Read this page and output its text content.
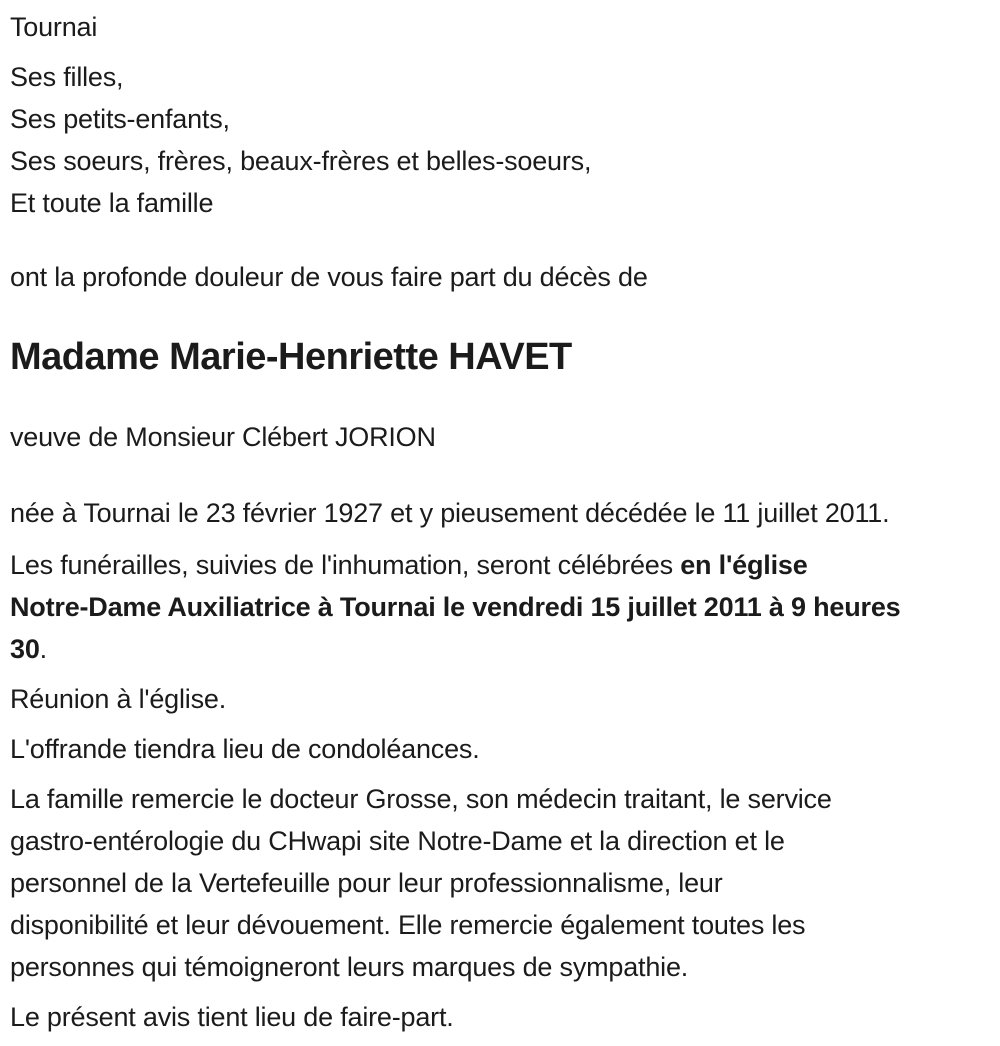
Tournai

Ses filles,
Ses petits-enfants,
Ses soeurs, frères, beaux-frères et belles-soeurs,
Et toute la famille

ont la profonde douleur de vous faire part du décès de

Madame Marie-Henriette HAVET

veuve de Monsieur Clébert JORION

née à Tournai le 23 février 1927 et y pieusement décédée le 11 juillet 2011.

Les funérailles, suivies de l'inhumation, seront célébrées en l'église
Notre-Dame Auxiliatrice à Tournai le vendredi 15 juillet 2011 à 9 heures
30.

Réunion à l'église.

L'offrande tiendra lieu de condoléances.

La famille remercie le docteur Grosse, son médecin traitant, le service
gastro-entérologie du CHwapi site Notre-Dame et la direction et le
personnel de la Vertefeuille pour leur professionnalisme, leur
disponibilité et leur dévouement. Elle remercie également toutes les
personnes qui témoigneront leurs marques de sympathie.

Le présent avis tient lieu de faire-part.
